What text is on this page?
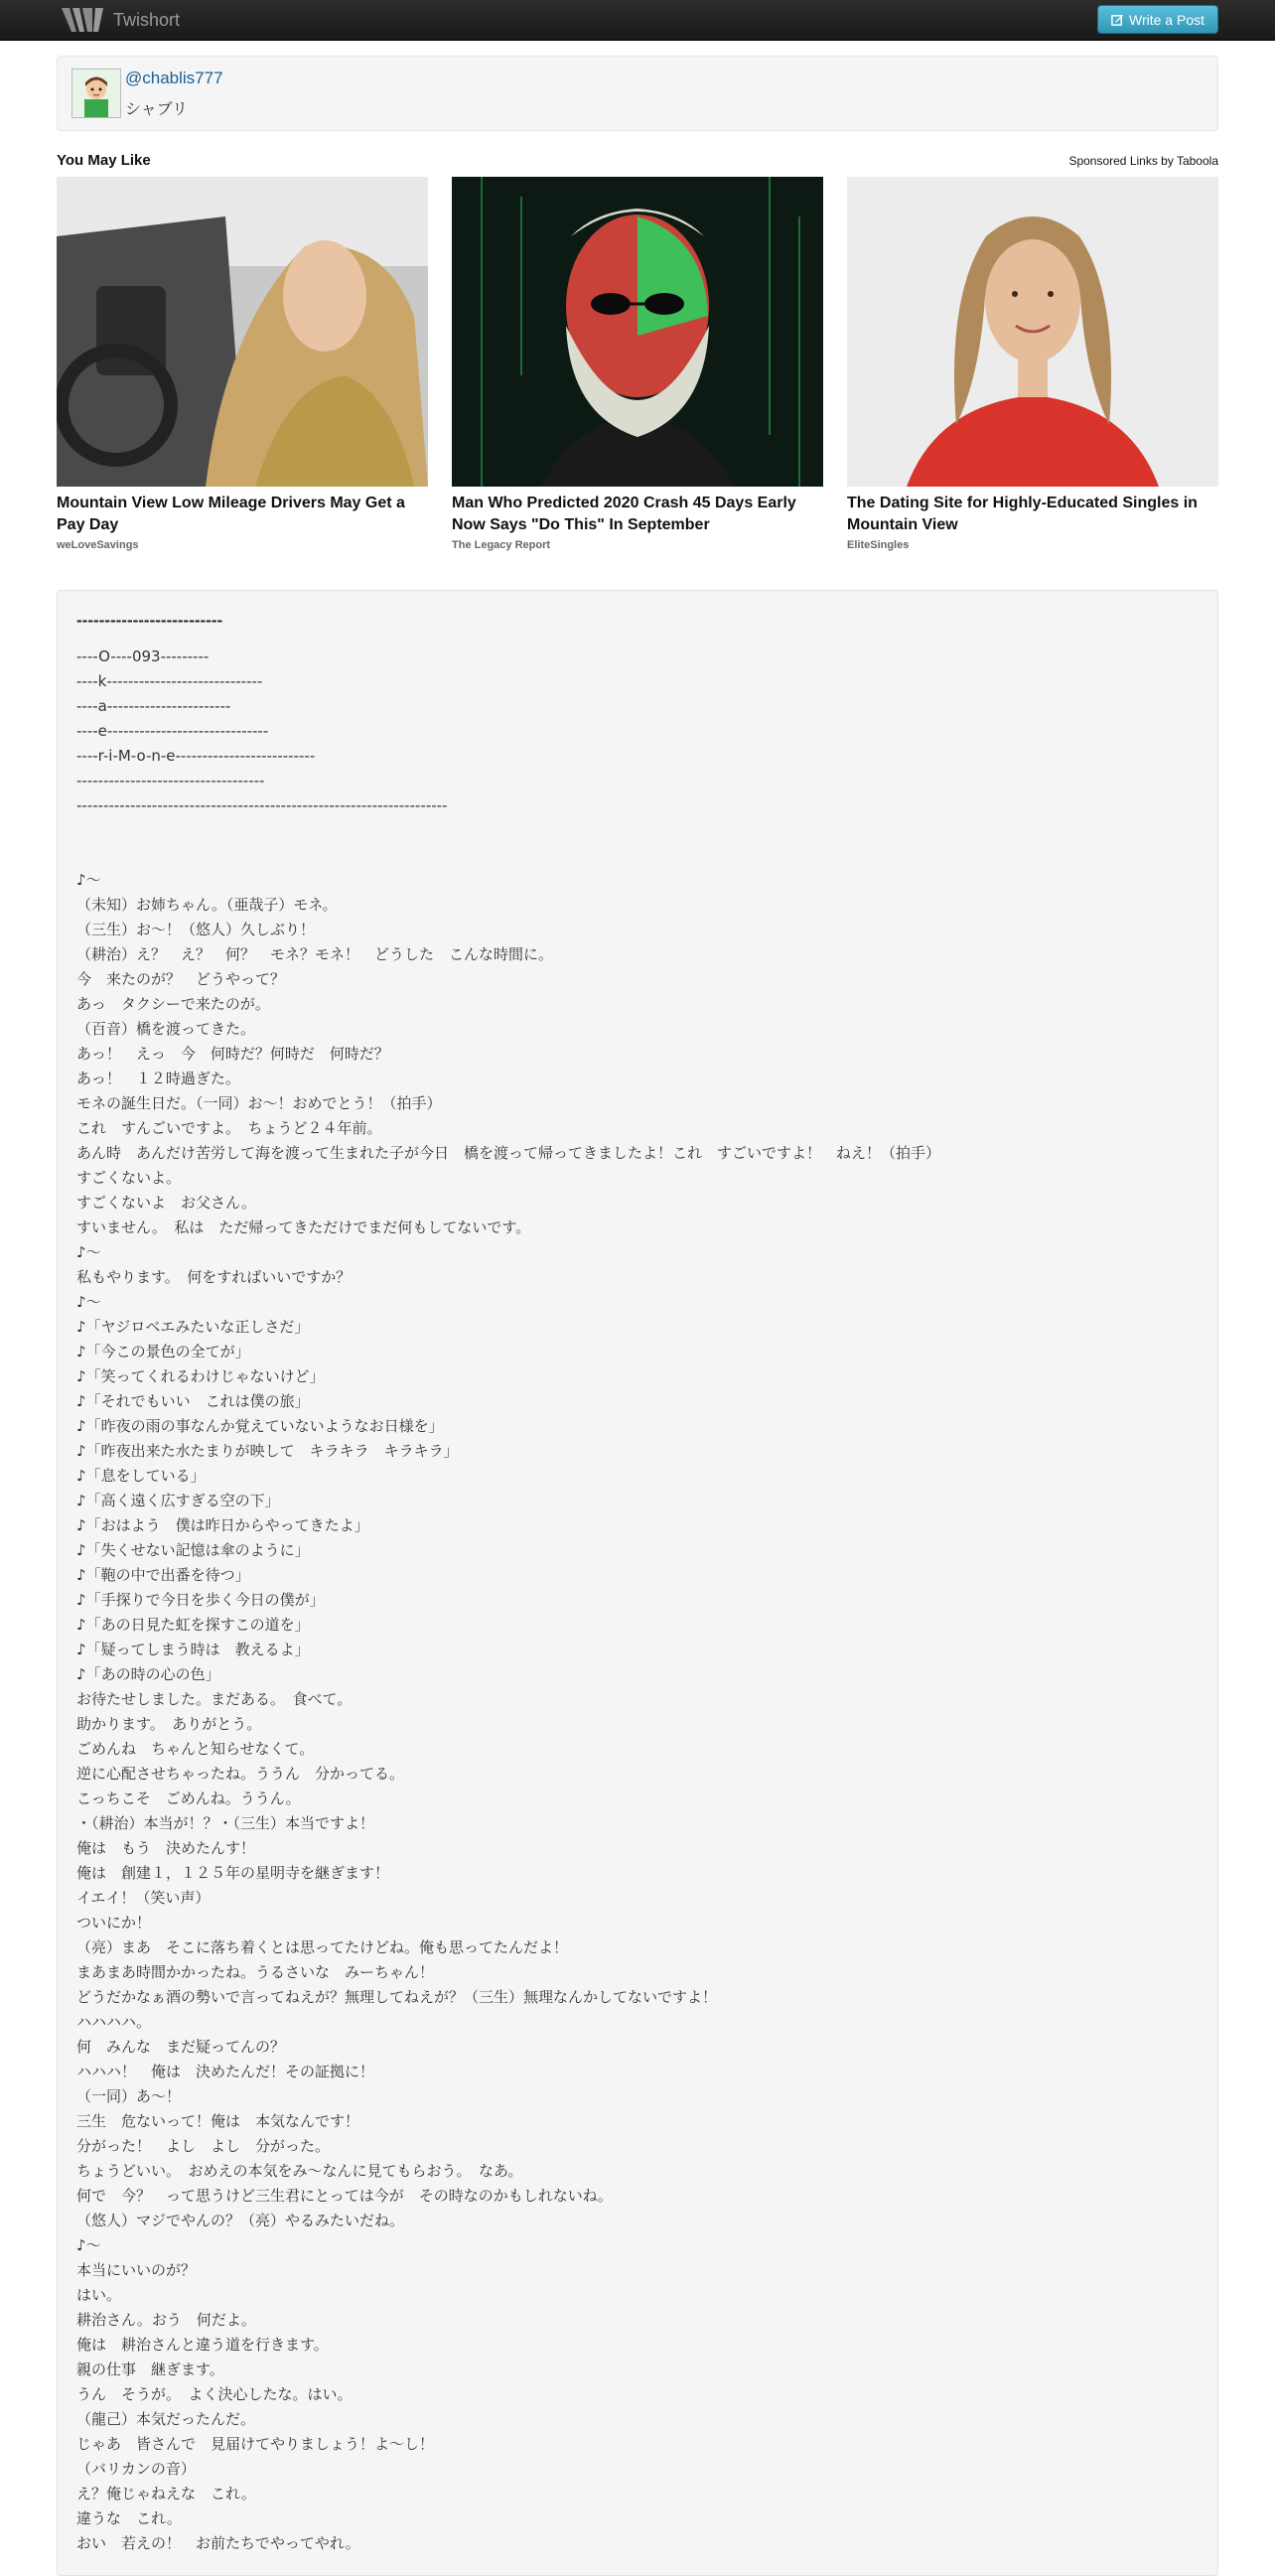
Twishort	Write a Post
@chablis777
シャブリ
You May Like	Sponsored Links by Taboola
Mountain View Low Mileage Drivers May Get a Pay Day
weLoveSavings
Man Who Predicted 2020 Crash 45 Days Early Now Says "Do This" In September
The Legacy Report
The Dating Site for Highly-Educated Singles in Mountain View
EliteSingles
--------------------------
----O----093---------
----k-----------------------------
----a-----------------------
----e------------------------------
----r-i-M-o-n-e--------------------------
-----------------------------------
---------------------------------------------------------------------

♪～
（未知）お姉ちゃん。（亜哉子）モネ。
（三生）お～！（悠人）久しぶり！
（耕治）え？　え？　何？　モネ？モネ！　どうした　こんな時間に。
今　来たのが？　どうやって？
あっ　タクシーで来たのが。
（百音）橋を渡ってきた。
あっ！　えっ　今　何時だ？何時だ　何時だ？
あっ！　１２時過ぎた。
モネの誕生日だ。（一同）お～！おめでとう！（拍手）
これ　すんごいですよ。　ちょうど２４年前。
あん時　あんだけ苦労して海を渡って生まれた子が今日　橋を渡って帰ってきましたよ！これ　すごいですよ！　ねえ！（拍手）
すごくないよ。
すごくないよ　お父さん。
すいません。　私は　ただ帰ってきただけでまだ何もしてないです。
♪～
私もやります。　何をすればいいですか？
♪～
♪「ヤジロベエみたいな正しさだ」
♪「今この景色の全てが」
♪「笑ってくれるわけじゃないけど」
♪「それでもいい　これは僕の旅」
♪「昨夜の雨の事なんか覚えていないようなお日様を」
♪「昨夜出来た水たまりが映して　キラキラ　キラキラ」
♪「息をしている」
♪「高く遠く広すぎる空の下」
♪「おはよう　僕は昨日からやってきたよ」
♪「失くせない記憶は傘のように」
♪「鞄の中で出番を待つ」
♪「手探りで今日を歩く今日の僕が」
♪「あの日見た虹を探すこの道を」
♪「疑ってしまう時は　教えるよ」
♪「あの時の心の色」
お待たせしました。まだある。　食べて。
助かります。　ありがとう。
ごめんね　ちゃんと知らせなくて。
逆に心配させちゃったね。ううん　分かってる。
こっちこそ　ごめんね。ううん。
・（耕治）本当が！？・（三生）本当ですよ！
俺は　もう　決めたんす！
俺は　創建１，１２５年の星明寺を継ぎます！
イエイ！（笑い声）
ついにか！
（亮）まあ　そこに落ち着くとは思ってたけどね。俺も思ってたんだよ！
まあまあ時間かかったね。うるさいな　みーちゃん！
どうだかなぁ酒の勢いで言ってねえが？無理してねえが？（三生）無理なんかしてないですよ！
ハハハハ。
何　みんな　まだ疑ってんの？
ハハハ！　俺は　決めたんだ！その証拠に！
（一同）あ～！
三生　危ないって！俺は　本気なんです！
分がった！　よし　よし　分がった。
ちょうどいい。　おめえの本気をみ～なんに見てもらおう。　なあ。
何で　今？　って思うけど三生君にとっては今が　その時なのかもしれないね。
（悠人）マジでやんの？（亮）やるみたいだね。
♪～
本当にいいのが？
はい。
耕治さん。おう　何だよ。
俺は　耕治さんと違う道を行きます。
親の仕事　継ぎます。
うん　そうが。　よく決心したな。はい。
（龍己）本気だったんだ。
じゃあ　皆さんで　見届けてやりましょう！よ～し！
（バリカンの音）
え？俺じゃねえな　これ。
違うな　これ。
おい　若えの！　お前たちでやってやれ。
